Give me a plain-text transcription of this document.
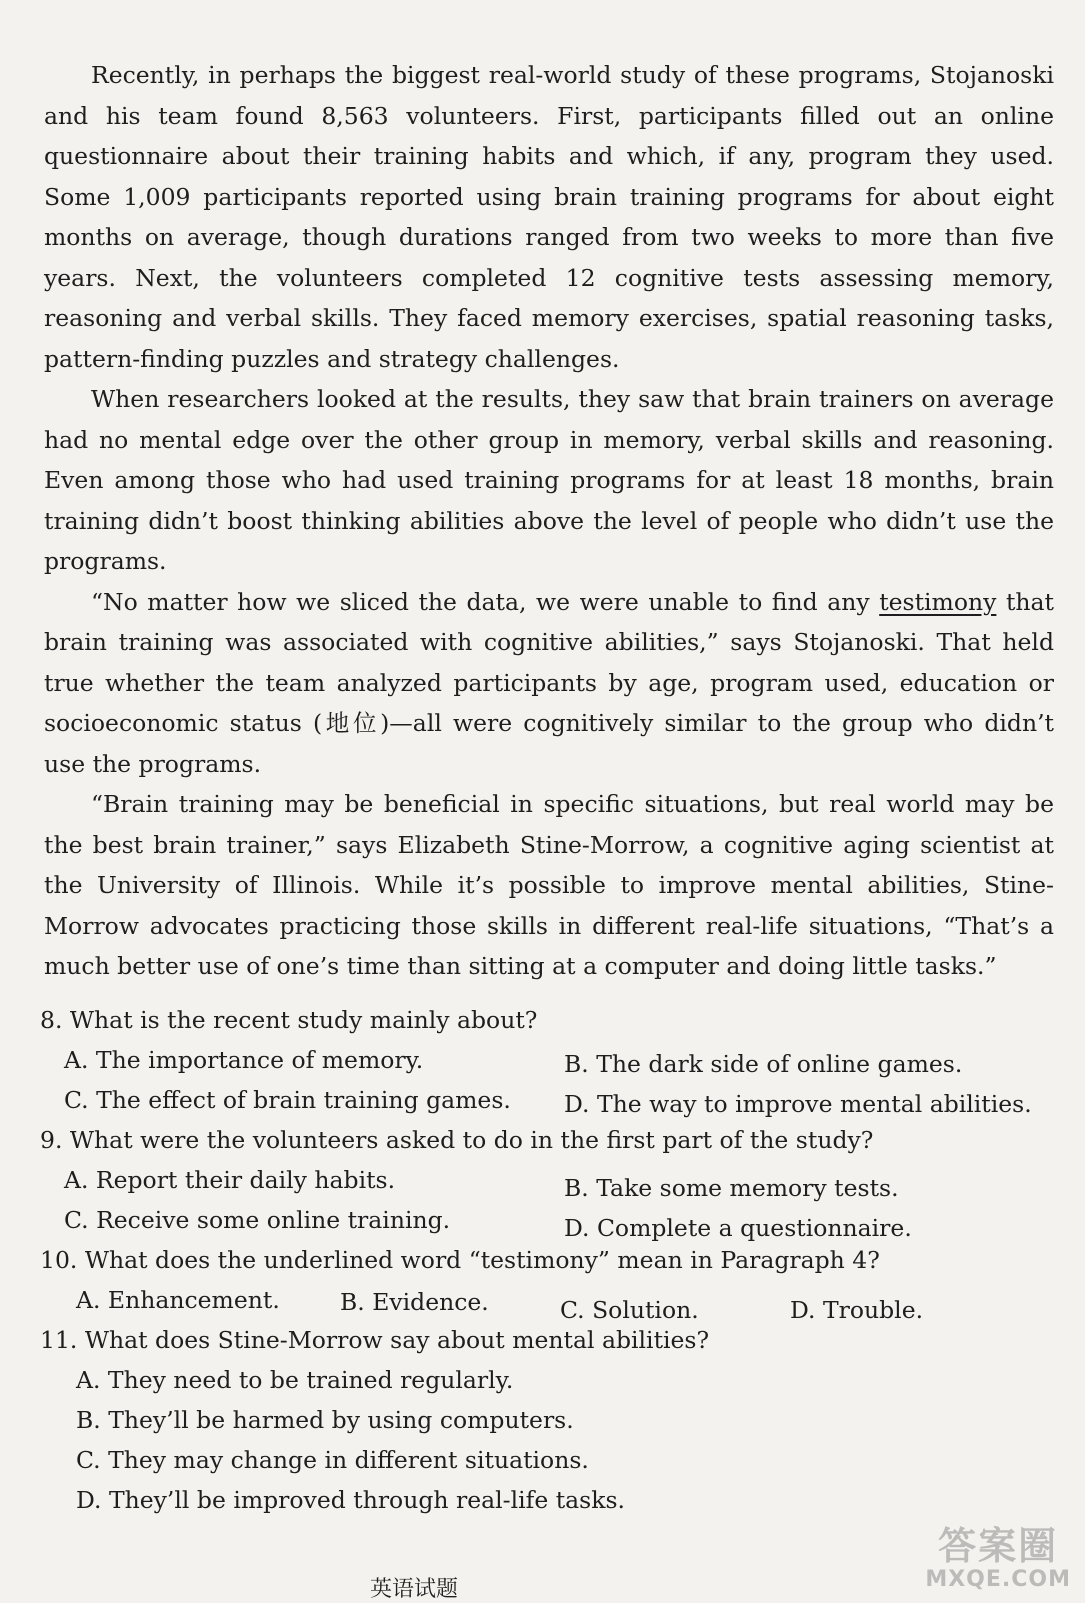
Recently, in perhaps the biggest real-world study of these programs, Stojanoski and his team found 8,563 volunteers. First, participants filled out an online questionnaire about their training habits and which, if any, program they used. Some 1,009 participants reported using brain training programs for about eight months on average, though durations ranged from two weeks to more than five years. Next, the volunteers completed 12 cognitive tests assessing memory, reasoning and verbal skills. They faced memory exercises, spatial reasoning tasks, pattern-finding puzzles and strategy challenges.

When researchers looked at the results, they saw that brain trainers on average had no mental edge over the other group in memory, verbal skills and reasoning. Even among those who had used training programs for at least 18 months, brain training didn’t boost thinking abilities above the level of people who didn’t use the programs.

“No matter how we sliced the data, we were unable to find any testimony that brain training was associated with cognitive abilities,” says Stojanoski. That held true whether the team analyzed participants by age, program used, education or socioeconomic status (地位)—all were cognitively similar to the group who didn’t use the programs.

“Brain training may be beneficial in specific situations, but real world may be the best brain trainer,” says Elizabeth Stine-Morrow, a cognitive aging scientist at the University of Illinois. While it’s possible to improve mental abilities, Stine-Morrow advocates practicing those skills in different real-life situations, “That’s a much better use of one’s time than sitting at a computer and doing little tasks.”

8. What is the recent study mainly about?
A. The importance of memory.	B. The dark side of online games.
C. The effect of brain training games. D. The way to improve mental abilities.
9. What were the volunteers asked to do in the first part of the study?
A. Report their daily habits.	B. Take some memory tests.
C. Receive some online training.	D. Complete a questionnaire.
10. What does the underlined word “testimony” mean in Paragraph 4?
A. Enhancement.	B. Evidence.	C. Solution.	D. Trouble.
11. What does Stine-Morrow say about mental abilities?
A. They need to be trained regularly.
B. They’ll be harmed by using computers.
C. They may change in different situations.
D. They’ll be improved through real-life tasks.
英语试题
答案圈
MXQE.COM
